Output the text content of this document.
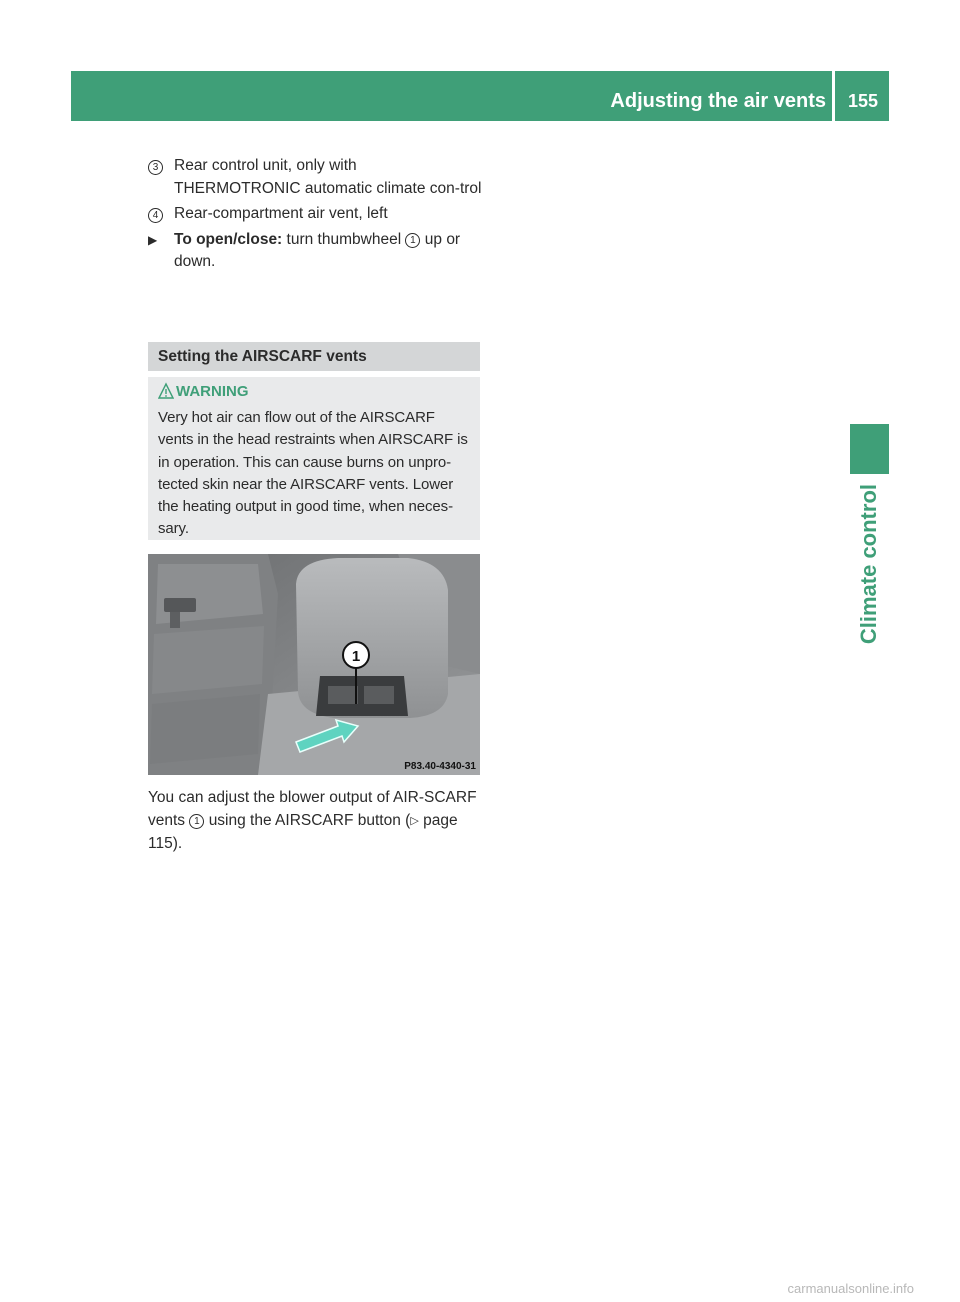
Adjusting the air vents	155
Climate control
3	Rear control unit, only with THERMOTRONIC automatic climate con-trol
4	Rear-compartment air vent, left
▶	To open/close: turn thumbwheel 1 up or down.
Setting the AIRSCARF vents
WARNING
Very hot air can flow out of the AIRSCARF vents in the head restraints when AIRSCARF is in operation. This can cause burns on unpro-tected skin near the AIRSCARF vents. Lower the heating output in good time, when neces-sary.
1
P83.40-4340-31
You can adjust the blower output of AIR-SCARF vents 1 using the AIRSCARF button (▷ page 115).
carmanualsonline.info
